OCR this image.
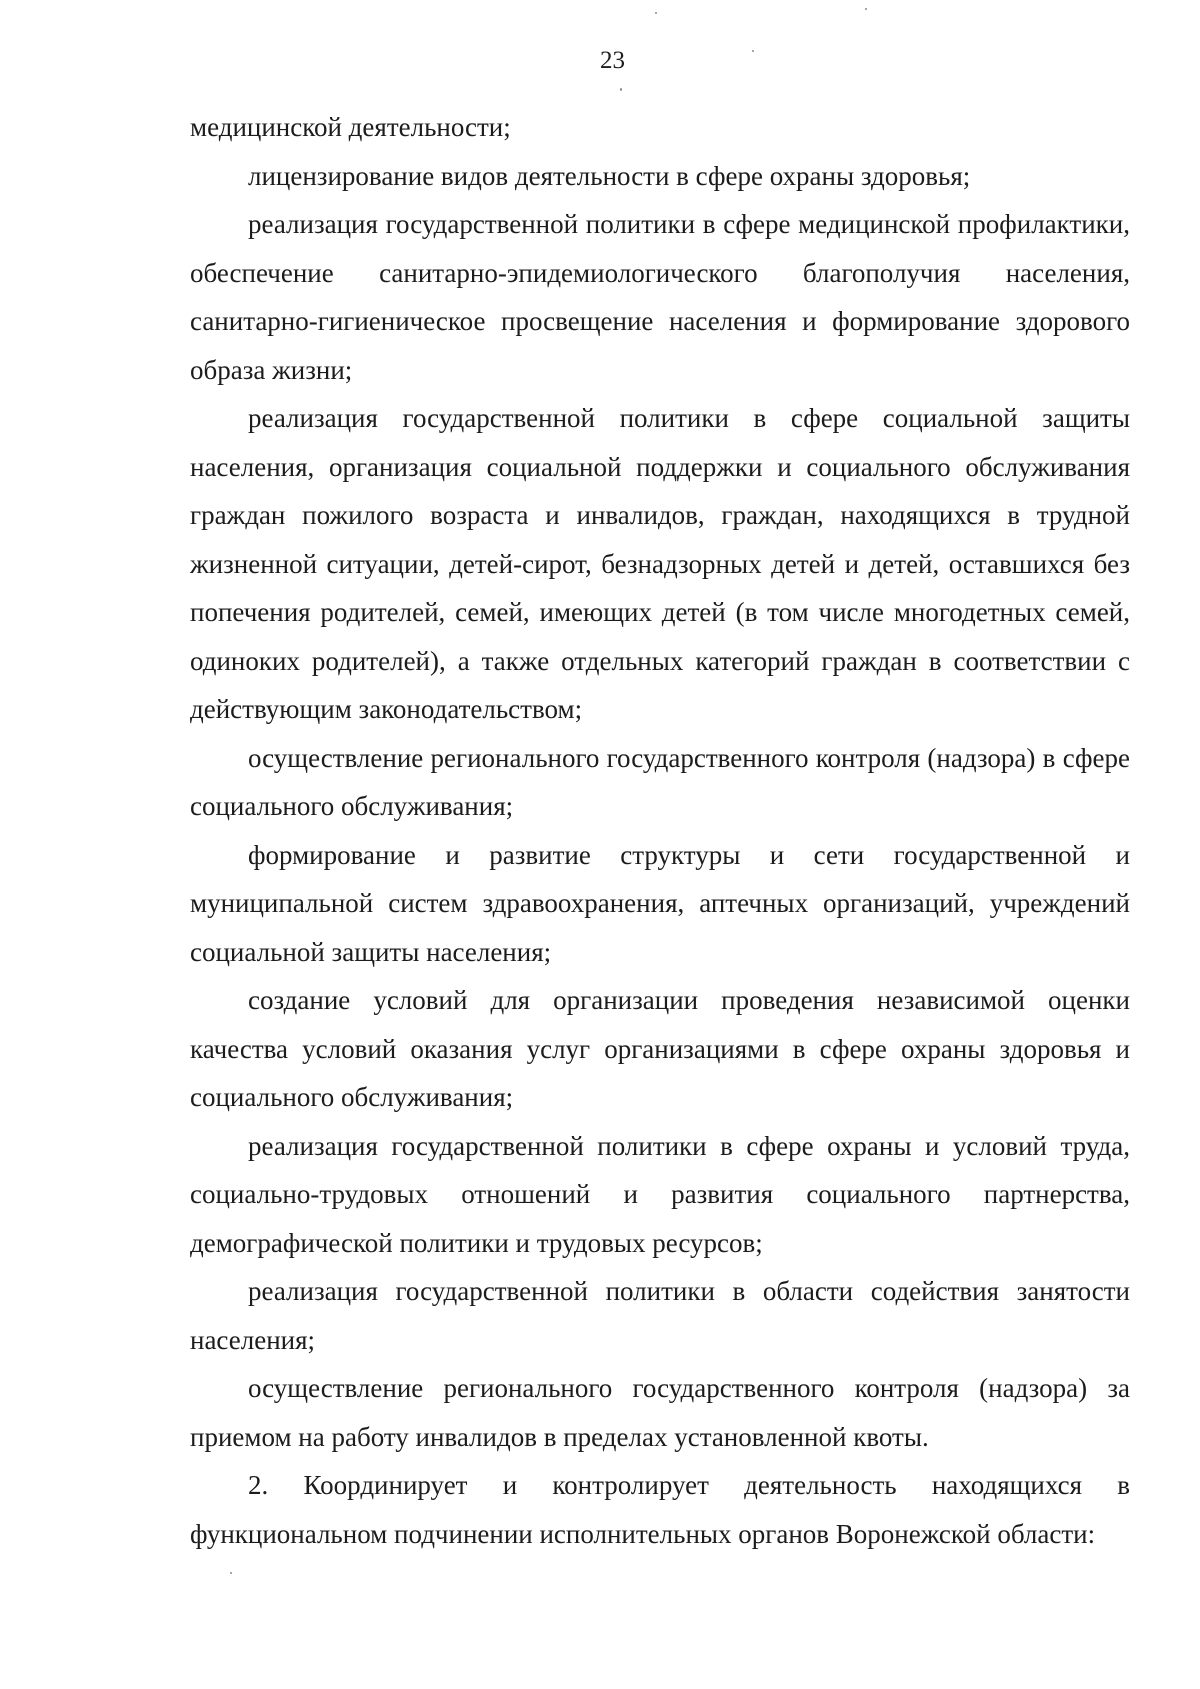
23

медицинской деятельности;

лицензирование видов деятельности в сфере охраны здоровья;

реализация государственной политики в сфере медицинской профилактики, обеспечение санитарно-эпидемиологического благополучия населения, санитарно-гигиеническое просвещение населения и формирование здорового образа жизни;

реализация государственной политики в сфере социальной защиты населения, организация социальной поддержки и социального обслуживания граждан пожилого возраста и инвалидов, граждан, находящихся в трудной жизненной ситуации, детей-сирот, безнадзорных детей и детей, оставшихся без попечения родителей, семей, имеющих детей (в том числе многодетных семей, одиноких родителей), а также отдельных категорий граждан в соответствии с действующим законодательством;

осуществление регионального государственного контроля (надзора) в сфере социального обслуживания;

формирование и развитие структуры и сети государственной и муниципальной систем здравоохранения, аптечных организаций, учреждений социальной защиты населения;

создание условий для организации проведения независимой оценки качества условий оказания услуг организациями в сфере охраны здоровья и социального обслуживания;

реализация государственной политики в сфере охраны и условий труда, социально-трудовых отношений и развития социального партнерства, демографической политики и трудовых ресурсов;

реализация государственной политики в области содействия занятости населения;

осуществление регионального государственного контроля (надзора) за приемом на работу инвалидов в пределах установленной квоты.

2. Координирует и контролирует деятельность находящихся в функциональном подчинении исполнительных органов Воронежской области:
